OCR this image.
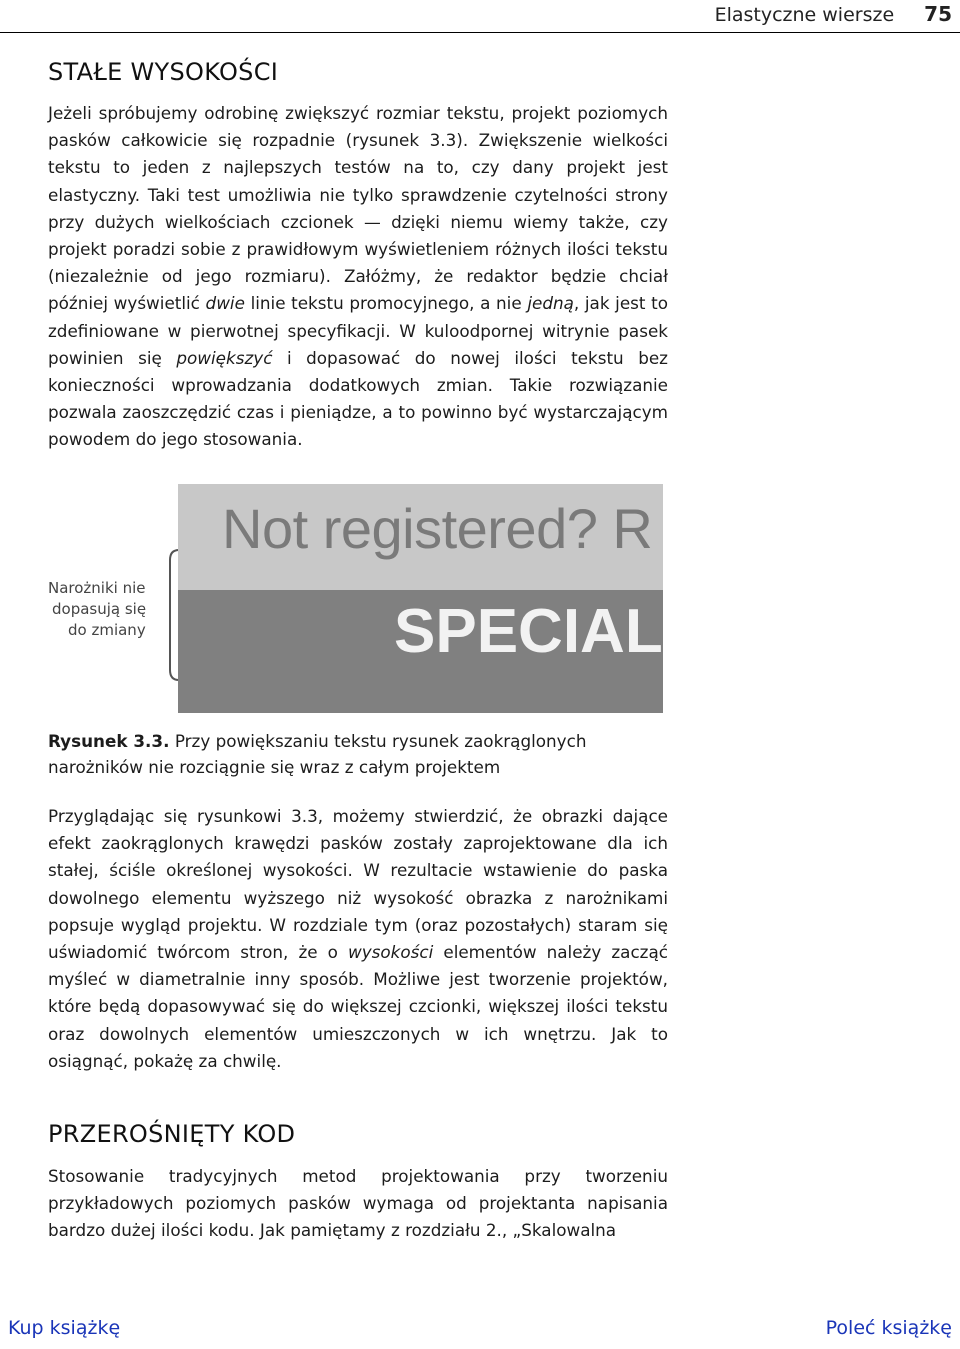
Elastyczne wiersze 75
STAŁE WYSOKOŚCI

Jeżeli spróbujemy odrobinę zwiększyć rozmiar tekstu, projekt poziomych pasków całkowicie się rozpadnie (rysunek 3.3). Zwiększenie wielkości tekstu to jeden z najlepszych testów na to, czy dany projekt jest elastyczny. Taki test umożliwia nie tylko sprawdzenie czytelności strony przy dużych wielkościach czcionek — dzięki niemu wiemy także, czy projekt poradzi sobie z prawidłowym wyświetleniem różnych ilości tekstu (niezależnie od jego rozmiaru). Załóżmy, że redaktor będzie chciał później wyświetlić dwie linie tekstu promocyjnego, a nie jedną, jak jest to zdefiniowane w pierwotnej specyfikacji. W kuloodpornej witrynie pasek powinien się powiększyć i dopasować do nowej ilości tekstu bez konieczności wprowadzania dodatkowych zmian. Takie rozwiązanie pozwala zaoszczędzić czas i pieniądze, a to powinno być wystarczającym powodem do jego stosowania.

Narożniki nie
dopasują się
do zmiany

Not registered? R
SPECIAL

Rysunek 3.3. Przy powiększaniu tekstu rysunek zaokrąglonych narożników nie rozciągnie się wraz z całym projektem

Przyglądając się rysunkowi 3.3, możemy stwierdzić, że obrazki dające efekt zaokrąglonych krawędzi pasków zostały zaprojektowane dla ich stałej, ściśle określonej wysokości. W rezultacie wstawienie do paska dowolnego elementu wyższego niż wysokość obrazka z narożnikami popsuje wygląd projektu. W rozdziale tym (oraz pozostałych) staram się uświadomić twórcom stron, że o wysokości elementów należy zacząć myśleć w diametralnie inny sposób. Możliwe jest tworzenie projektów, które będą dopasowywać się do większej czcionki, większej ilości tekstu oraz dowolnych elementów umieszczonych w ich wnętrzu. Jak to osiągnąć, pokażę za chwilę.

PRZEROŚNIĘTY KOD

Stosowanie tradycyjnych metod projektowania przy tworzeniu przykładowych poziomych pasków wymaga od projektanta napisania bardzo dużej ilości kodu. Jak pamiętamy z rozdziału 2., „Skalowalna

Kup książkę	Poleć książkę
